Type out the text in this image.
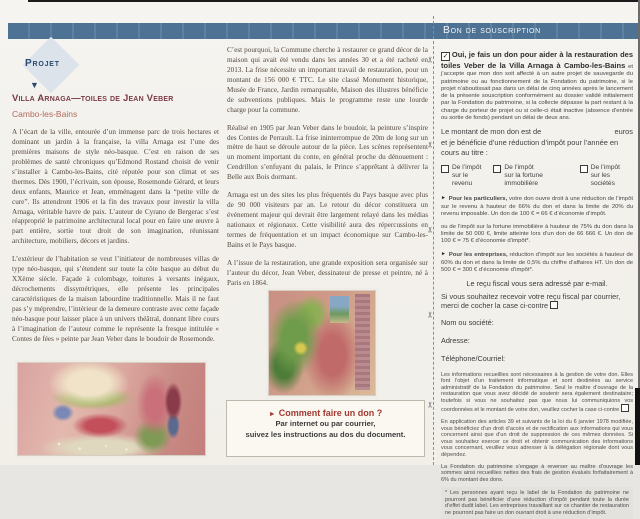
Bon de souscription
Projet
▼
Villa Arnaga—toiles de Jean Veber
Cambo-les-Bains

A l’écart de la ville, entourée d’un immense parc de trois hectares et dominant un jardin à la française, la villa Arnaga est l’une des premières maisons de style néo-basque. C’est en raison de ses problèmes de santé chroniques qu’Edmond Rostand choisit de venir s’installer à Cambo-les-Bains, cité réputée pour son climat et ses thermes. Dès 1900, l’écrivain, son épouse, Rosemonde Gérard, et leurs deux enfants, Maurice et Jean, emménagent dans la “petite ville de cure”. Ils attendront 1906 et la fin des travaux pour investir la villa Arnaga, véritable havre de paix. L’auteur de Cyrano de Bergerac s’est réapproprié le patrimoine architectural local pour en faire une œuvre à part entière, sortie tout droit de son imagination, réunissant architecture, mobiliers, décors et jardins.

L’extérieur de l’habitation se veut l’initiateur de nombreuses villas de type néo-basque, qui s’étendent sur toute la côte basque au début du XXème siècle. Façade à colombage, toitures à versants inégaux, décrochements dissymétriques, elle présente les principales caractéristiques de la maison labourdine traditionnelle. Mais il ne faut pas s’y méprendre, l’intérieur de la demeure contraste avec cette façade néo-basque pour laisser place à un univers théâtral, donnant libre cours à l’imagination de l’auteur comme le représente la fresque intitulée « Contes de fées » peinte par Jean Veber dans le boudoir de Rosemonde.

C’est pourquoi, la Commune cherche à restaurer ce grand décor de la maison qui avait été vendu dans les années 30 et a été racheté en 2013. La frise nécessite un important travail de restauration, pour un montant de 156 000 € TTC. Le site classé Monument historique, Musée de France, Jardin remarquable, Maison des illustres bénéficie de subventions publiques. Mais le programme reste une lourde charge pour la commune.

Réalisé en 1905 par Jean Veber dans le boudoir, la peinture s’inspire des Contes de Perrault. La frise ininterrompue de 20m de long sur un mètre de haut se déroule autour de la pièce. Les scènes représentent un moment important du conte, en général proche du dénouement : Cendrillon s’enfuyant du palais, le Prince s’apprêtant à délivrer la Belle aux Bois dormant.

Arnaga est un des sites les plus fréquentés du Pays basque avec plus de 90 000 visiteurs par an. Le retour du décor constituera un événement majeur qui devrait être largement relayé dans les médias nationaux et régionaux. Cette visibilité aura des répercussions en termes de fréquentation et un impact économique sur Cambo-les-Bains et le Pays basque.

A l’issue de la restauration, une grande exposition sera organisée sur l’auteur du décor, Jean Veber, dessinateur de presse et peintre, né à Paris en 1864.

► Comment faire un don ?
Par internet ou par courrier,
suivez les instructions au dos du document.
✂
✂
✂
✂
✂

✓ Oui, je fais un don pour aider à la restauration des toiles Veber de la Villa Arnaga à Cambo-les-Bains et j’accepte que mon don soit affecté à un autre projet de sauvegarde du patrimoine ou au fonctionnement de la Fondation du patrimoine, si le projet n’aboutissait pas dans un délai de cinq années après le lancement de la présente souscription conformément au dossier validé initialement par la Fondation du patrimoine, si la collecte dépasse la part restant à la charge du porteur de projet ou si celle-ci était inactive (absence d’entrée ou sortie de fonds) pendant un délai de deux ans.

Le montant de mon don est de	euros
et je bénéficie d’une réduction d’impôt pour l’année en cours au titre :
De l’impôt
sur le revenu
De l’impôt
sur la fortune immobilière
De l’impôt
sur les sociétés

► Pour les particuliers, votre don ouvre droit à une réduction de l’impôt sur le revenu à hauteur de 66% du don et dans la limite de 20% du revenu imposable. Un don de 100 € = 66 € d’économie d’impôt.

ou de l’impôt sur la fortune immobilière à hauteur de 75% du don dans la limite de 50 000 €, limite atteinte lors d’un don de 66 666 €. Un don de 100 € = 75 € d’économie d’impôt*.

► Pour les entreprises, réduction d’impôt sur les sociétés à hauteur de 60% du don et dans la limite de 0,5% du chiffre d’affaires HT. Un don de 500 € = 300 € d’économie d’impôt*.

Le reçu fiscal vous sera adressé par e-mail.
Si vous souhaitez recevoir votre reçu fiscal par courrier, merci de cocher la case ci-contre
Nom ou société:
Adresse:
Téléphone/Courriel:

Les informations recueillies sont nécessaires à la gestion de votre don. Elles font l’objet d’un traitement informatique et sont destinées au service administratif de la Fondation du patrimoine. Seul le maître d’ouvrage de la restauration que vous avez décidé de soutenir sera également destinataire; toutefois si vous ne souhaitez pas que nous lui communiquions vos coordonnées et le montant de votre don, veuillez cocher la case ci-contre

En application des articles 39 et suivants de la loi du 6 janvier 1978 modifiée, vous bénéficiez d’un droit d’accès et de rectification aux informations qui vous concernent ainsi que d’un droit de suppression de ces mêmes données. Si vous souhaitez exercer ce droit et obtenir communication des informations vous concernant, veuillez vous adresser à la délégation régionale dont vous dépendez.

La Fondation du patrimoine s’engage à reverser au maître d’ouvrage les sommes ainsi recueillies nettes des frais de gestion évalués forfaitairement à 6% du montant des dons.

* Les personnes ayant reçu le label de la Fondation du patrimoine ne pourront pas bénéficier d’une réduction d’impôt pendant toute la durée d’effet dudit label. Les entreprises travaillant sur ce chantier de restauration ne pourront pas faire un don ouvrant droit à une réduction d’impôt.
